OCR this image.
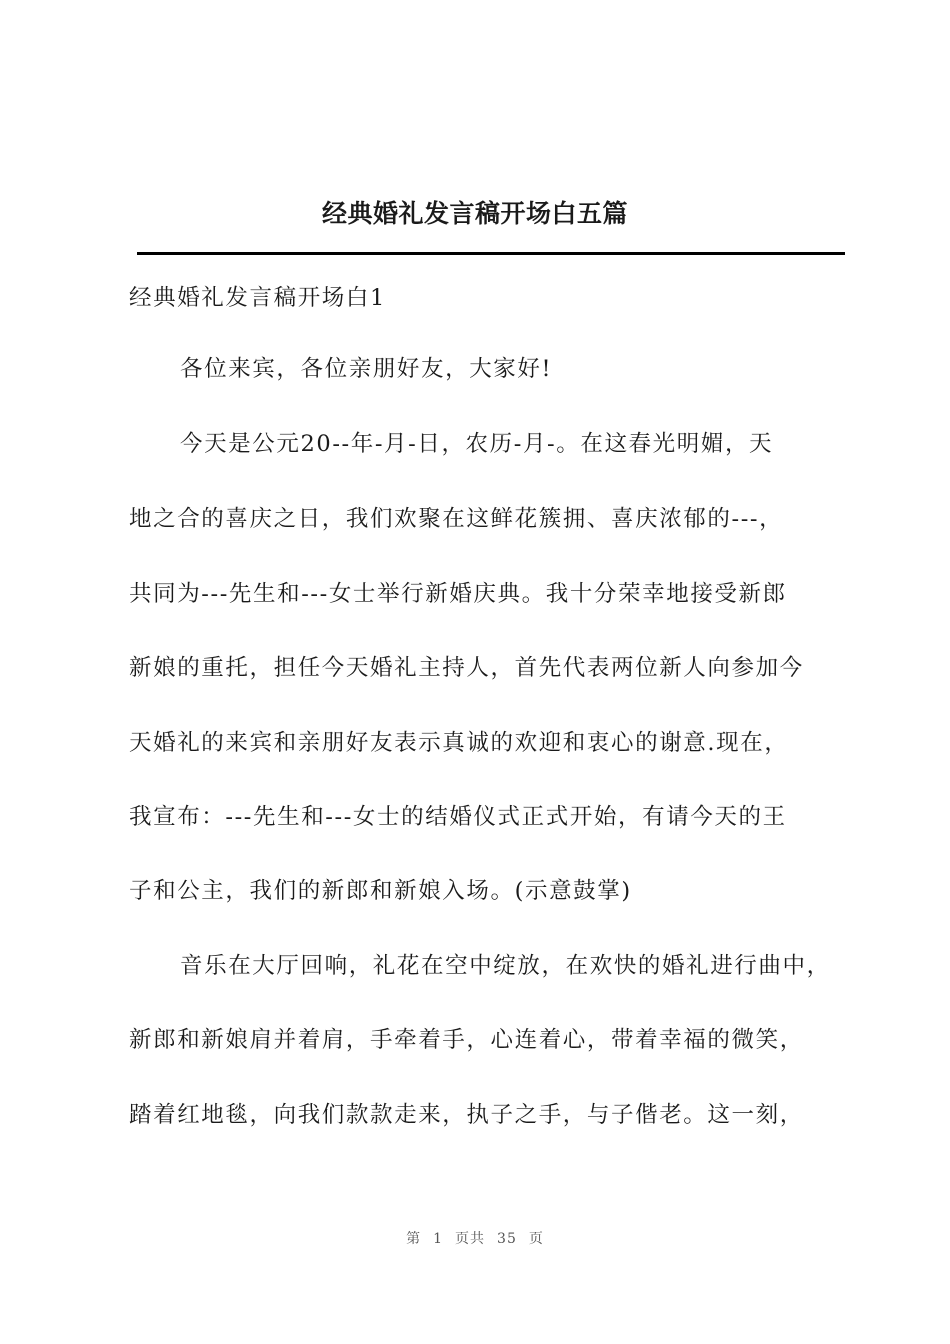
经典婚礼发言稿开场白五篇
经典婚礼发言稿开场白1
各位来宾，各位亲朋好友，大家好!
今天是公元20--年-月-日，农历-月-。在这春光明媚，天
地之合的喜庆之日，我们欢聚在这鲜花簇拥、喜庆浓郁的---，
共同为---先生和---女士举行新婚庆典。我十分荣幸地接受新郎
新娘的重托，担任今天婚礼主持人，首先代表两位新人向参加今
天婚礼的来宾和亲朋好友表示真诚的欢迎和衷心的谢意.现在，
我宣布：---先生和---女士的结婚仪式正式开始，有请今天的王
子和公主，我们的新郎和新娘入场。(示意鼓掌)
音乐在大厅回响，礼花在空中绽放，在欢快的婚礼进行曲中，
新郎和新娘肩并着肩，手牵着手，心连着心，带着幸福的微笑，
踏着红地毯，向我们款款走来，执子之手，与子偕老。这一刻，
第 1 页共 35 页
